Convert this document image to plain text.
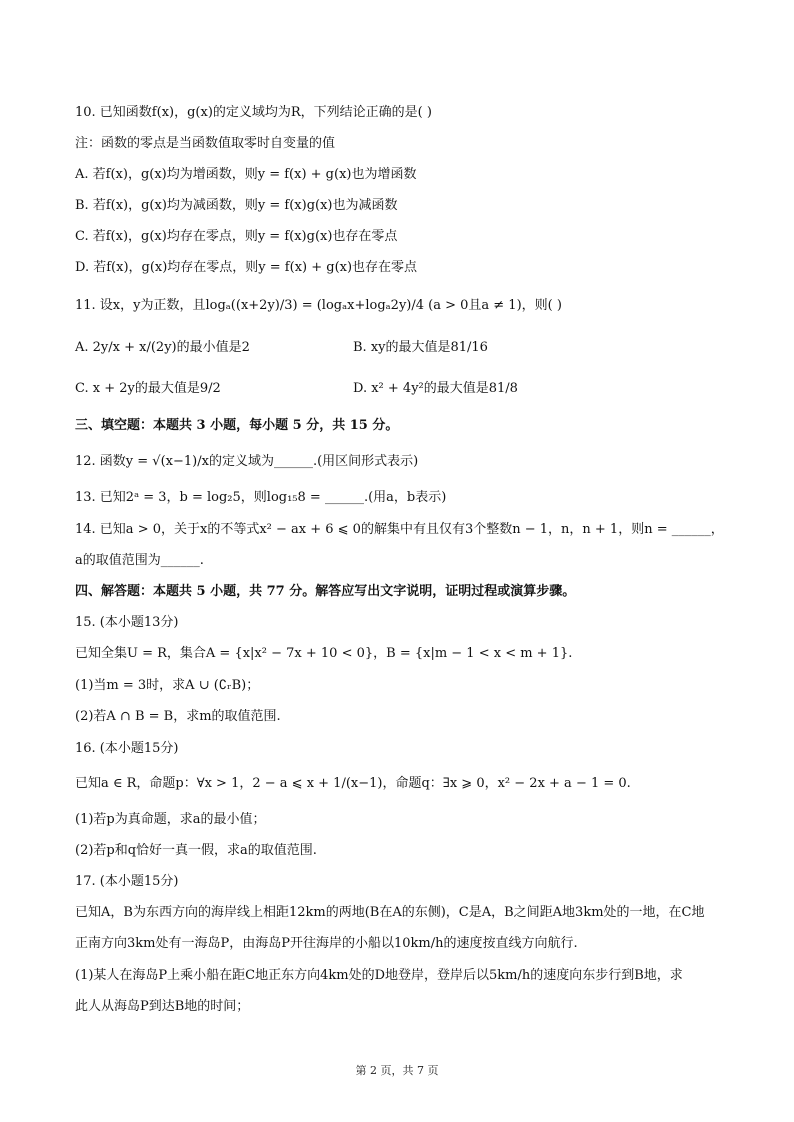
10. 已知函数f(x)，g(x)的定义域均为R，下列结论正确的是( )
注：函数的零点是当函数值取零时自变量的值
A. 若f(x)，g(x)均为增函数，则y = f(x) + g(x)也为增函数
B. 若f(x)，g(x)均为减函数，则y = f(x)g(x)也为减函数
C. 若f(x)，g(x)均存在零点，则y = f(x)g(x)也存在零点
D. 若f(x)，g(x)均存在零点，则y = f(x) + g(x)也存在零点
11. 设x，y为正数，且logₐ((x+2y)/3) = (logₐx+logₐ2y)/4 (a > 0且a ≠ 1)，则( )
A. 2y/x + x/(2y)的最小值是2	B. xy的最大值是81/16
C. x + 2y的最大值是9/2	D. x² + 4y²的最大值是81/8
三、填空题：本题共 3 小题，每小题 5 分，共 15 分。
12. 函数y = √(x−1)/x的定义域为______.(用区间形式表示)
13. 已知2ᵃ = 3，b = log₂5，则log₁₅8 = ______.(用a，b表示)
14. 已知a > 0，关于x的不等式x² − ax + 6 ⩽ 0的解集中有且仅有3个整数n − 1，n，n + 1，则n = ______，
a的取值范围为______.
四、解答题：本题共 5 小题，共 77 分。解答应写出文字说明，证明过程或演算步骤。
15. (本小题13分)
已知全集U = R，集合A = {x|x² − 7x + 10 < 0}，B = {x|m − 1 < x < m + 1}.
(1)当m = 3时，求A ∪ (∁ᵣB)；
(2)若A ∩ B = B，求m的取值范围.
16. (本小题15分)
已知a ∈ R，命题p：∀x > 1，2 − a ⩽ x + 1/(x−1)，命题q：∃x ⩾ 0，x² − 2x + a − 1 = 0.
(1)若p为真命题，求a的最小值；
(2)若p和q恰好一真一假，求a的取值范围.
17. (本小题15分)
已知A，B为东西方向的海岸线上相距12km的两地(B在A的东侧)，C是A，B之间距A地3km处的一地，在C地
正南方向3km处有一海岛P，由海岛P开往海岸的小船以10km/h的速度按直线方向航行.
(1)某人在海岛P上乘小船在距C地正东方向4km处的D地登岸，登岸后以5km/h的速度向东步行到B地，求
此人从海岛P到达B地的时间；
第 2 页，共 7 页
